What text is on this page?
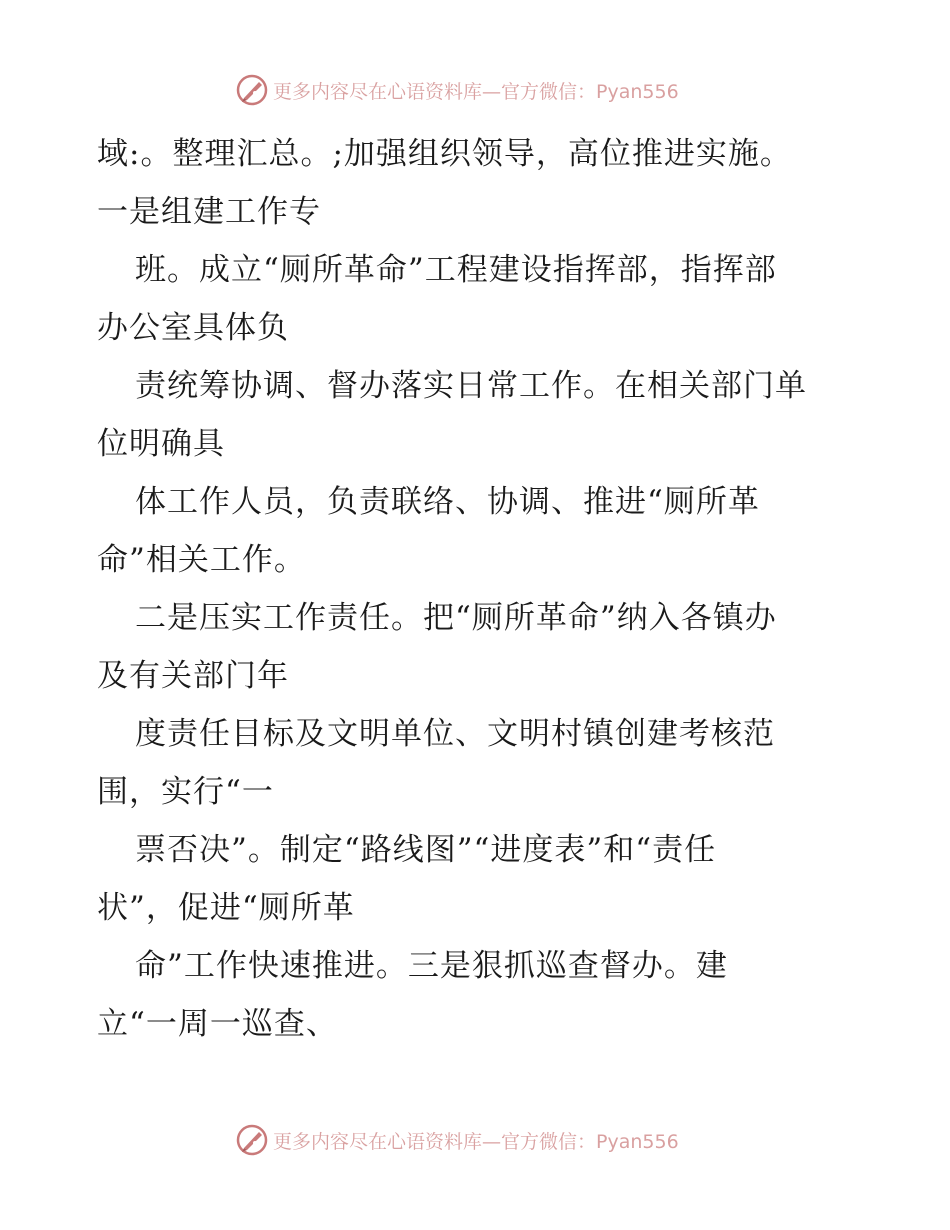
更多内容尽在心语资料库—官方微信：Pyan556
域:。整理汇总。;加强组织领导，高位推进实施。
一是组建工作专
班。成立“厕所革命”工程建设指挥部，指挥部
办公室具体负
责统筹协调、督办落实日常工作。在相关部门单
位明确具
体工作人员，负责联络、协调、推进“厕所革
命”相关工作。
二是压实工作责任。把“厕所革命”纳入各镇办
及有关部门年
度责任目标及文明单位、文明村镇创建考核范
围，实行“一
票否决”。制定“路线图”“进度表”和“责任
状”，促进“厕所革
命”工作快速推进。三是狠抓巡查督办。建
立“一周一巡查、
更多内容尽在心语资料库—官方微信：Pyan556
